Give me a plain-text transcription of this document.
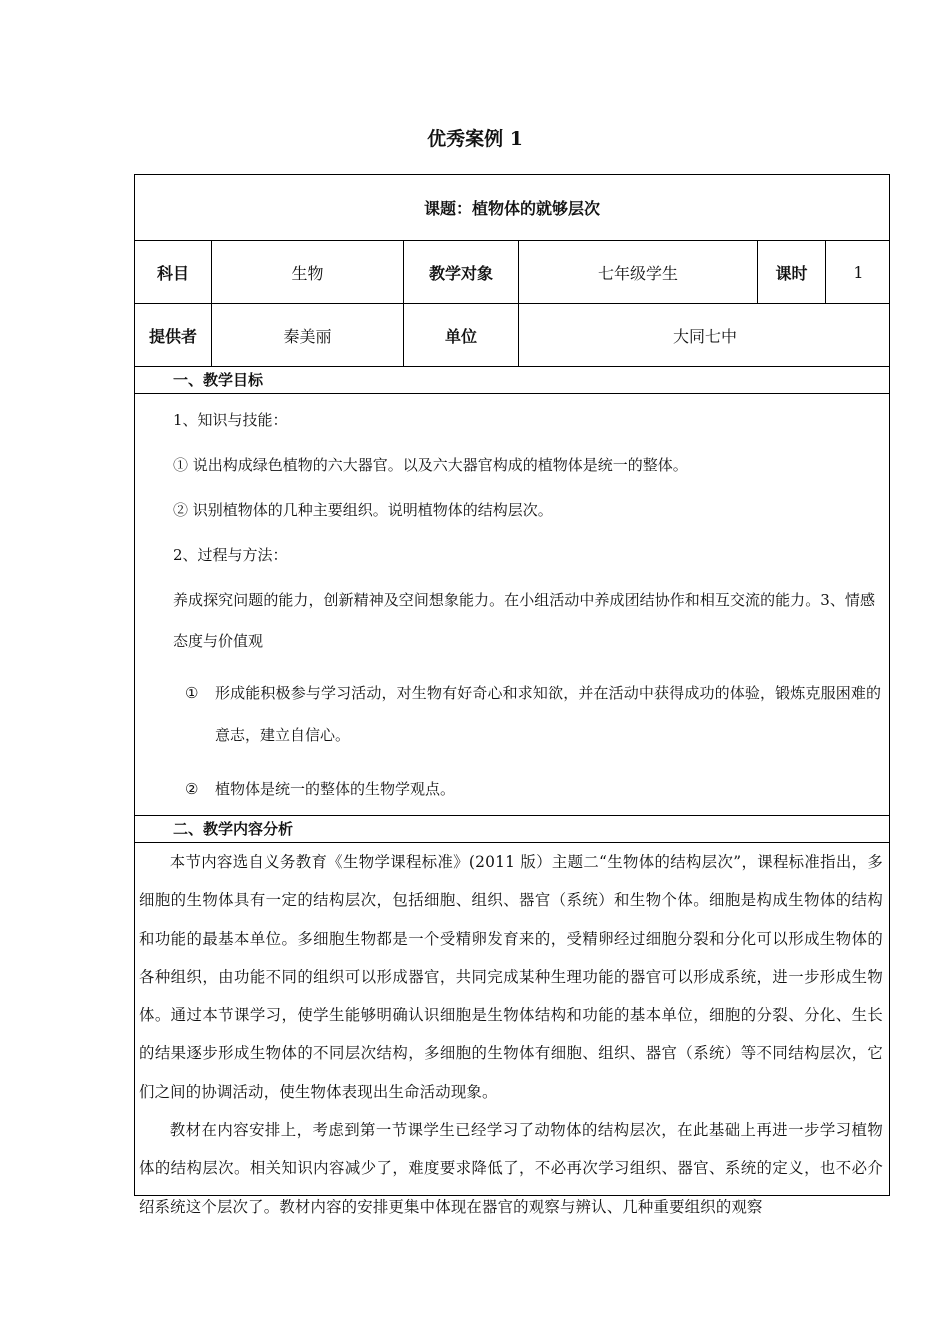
优秀案例 1
课题：植物体的就够层次
科目	生物	教学对象	七年级学生	课时	1
提供者	秦美丽	单位	大同七中
一、教学目标

1、知识与技能：

① 说出构成绿色植物的六大器官。以及六大器官构成的植物体是统一的整体。

② 识别植物体的几种主要组织。说明植物体的结构层次。

2、过程与方法：

养成探究问题的能力，创新精神及空间想象能力。在小组活动中养成团结协作和相互交流的能力。3、情感态度与价值观

①	形成能积极参与学习活动，对生物有好奇心和求知欲，并在活动中获得成功的体验，锻炼克服困难的意志，建立自信心。
②	植物体是统一的整体的生物学观点。
二、教学内容分析

本节内容选自义务教育《生物学课程标准》(2011 版）主题二“生物体的结构层次”，课程标准指出，多细胞的生物体具有一定的结构层次，包括细胞、组织、器官（系统）和生物个体。细胞是构成生物体的结构和功能的最基本单位。多细胞生物都是一个受精卵发育来的，受精卵经过细胞分裂和分化可以形成生物体的各种组织，由功能不同的组织可以形成器官，共同完成某种生理功能的器官可以形成系统，进一步形成生物体。通过本节课学习，使学生能够明确认识细胞是生物体结构和功能的基本单位，细胞的分裂、分化、生长的结果逐步形成生物体的不同层次结构，多细胞的生物体有细胞、组织、器官（系统）等不同结构层次，它们之间的协调活动，使生物体表现出生命活动现象。

教材在内容安排上，考虑到第一节课学生已经学习了动物体的结构层次，在此基础上再进一步学习植物体的结构层次。相关知识内容减少了，难度要求降低了，不必再次学习组织、器官、系统的定义，也不必介绍系统这个层次了。教材内容的安排更集中体现在器官的观察与辨认、几种重要组织的观察
